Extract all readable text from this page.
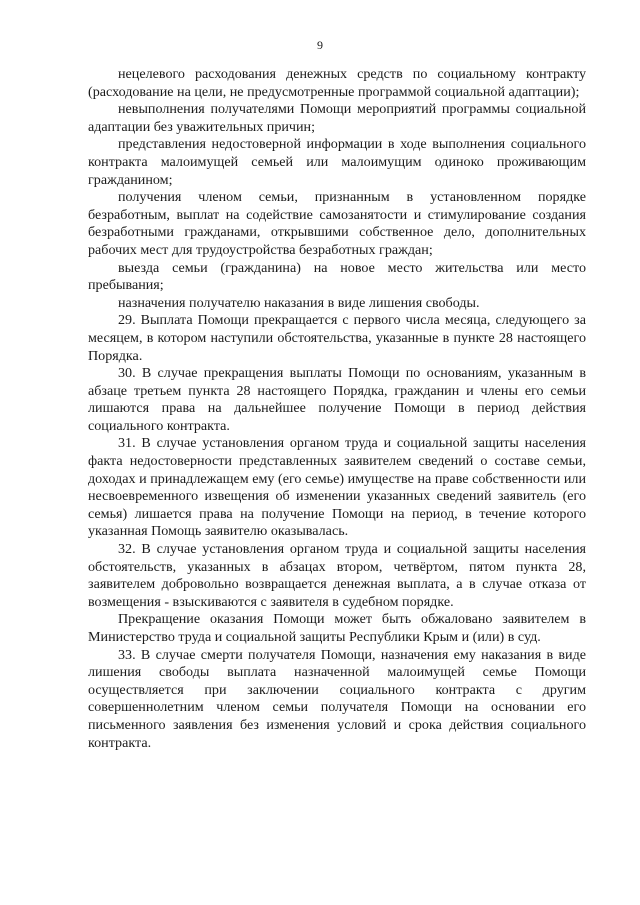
9

нецелевого расходования денежных средств по социальному контракту (расходование на цели, не предусмотренные программой социальной адаптации);

невыполнения получателями Помощи мероприятий программы социальной адаптации без уважительных причин;

представления недостоверной информации в ходе выполнения социального контракта малоимущей семьей или малоимущим одиноко проживающим гражданином;

получения членом семьи, признанным в установленном порядке безработным, выплат на содействие самозанятости и стимулирование создания безработными гражданами, открывшими собственное дело, дополнительных рабочих мест для трудоустройства безработных граждан;

выезда семьи (гражданина) на новое место жительства или место пребывания;

назначения получателю наказания в виде лишения свободы.

29. Выплата Помощи прекращается с первого числа месяца, следующего за месяцем, в котором наступили обстоятельства, указанные в пункте 28 настоящего Порядка.

30. В случае прекращения выплаты Помощи по основаниям, указанным в абзаце третьем пункта 28 настоящего Порядка, гражданин и члены его семьи лишаются права на дальнейшее получение Помощи в период действия социального контракта.

31. В случае установления органом труда и социальной защиты населения факта недостоверности представленных заявителем сведений о составе семьи, доходах и принадлежащем ему (его семье) имуществе на праве собственности или несвоевременного извещения об изменении указанных сведений заявитель (его семья) лишается права на получение Помощи на период, в течение которого указанная Помощь заявителю оказывалась.

32. В случае установления органом труда и социальной защиты населения обстоятельств, указанных в абзацах втором, четвёртом, пятом пункта 28, заявителем добровольно возвращается денежная выплата, а в случае отказа от возмещения - взыскиваются с заявителя в судебном порядке.

Прекращение оказания Помощи может быть обжаловано заявителем в Министерство труда и социальной защиты Республики Крым и (или) в суд.

33. В случае смерти получателя Помощи, назначения ему наказания в виде лишения свободы выплата назначенной малоимущей семье Помощи осуществляется при заключении социального контракта с другим совершеннолетним членом семьи получателя Помощи на основании его письменного заявления без изменения условий и срока действия социального контракта.
